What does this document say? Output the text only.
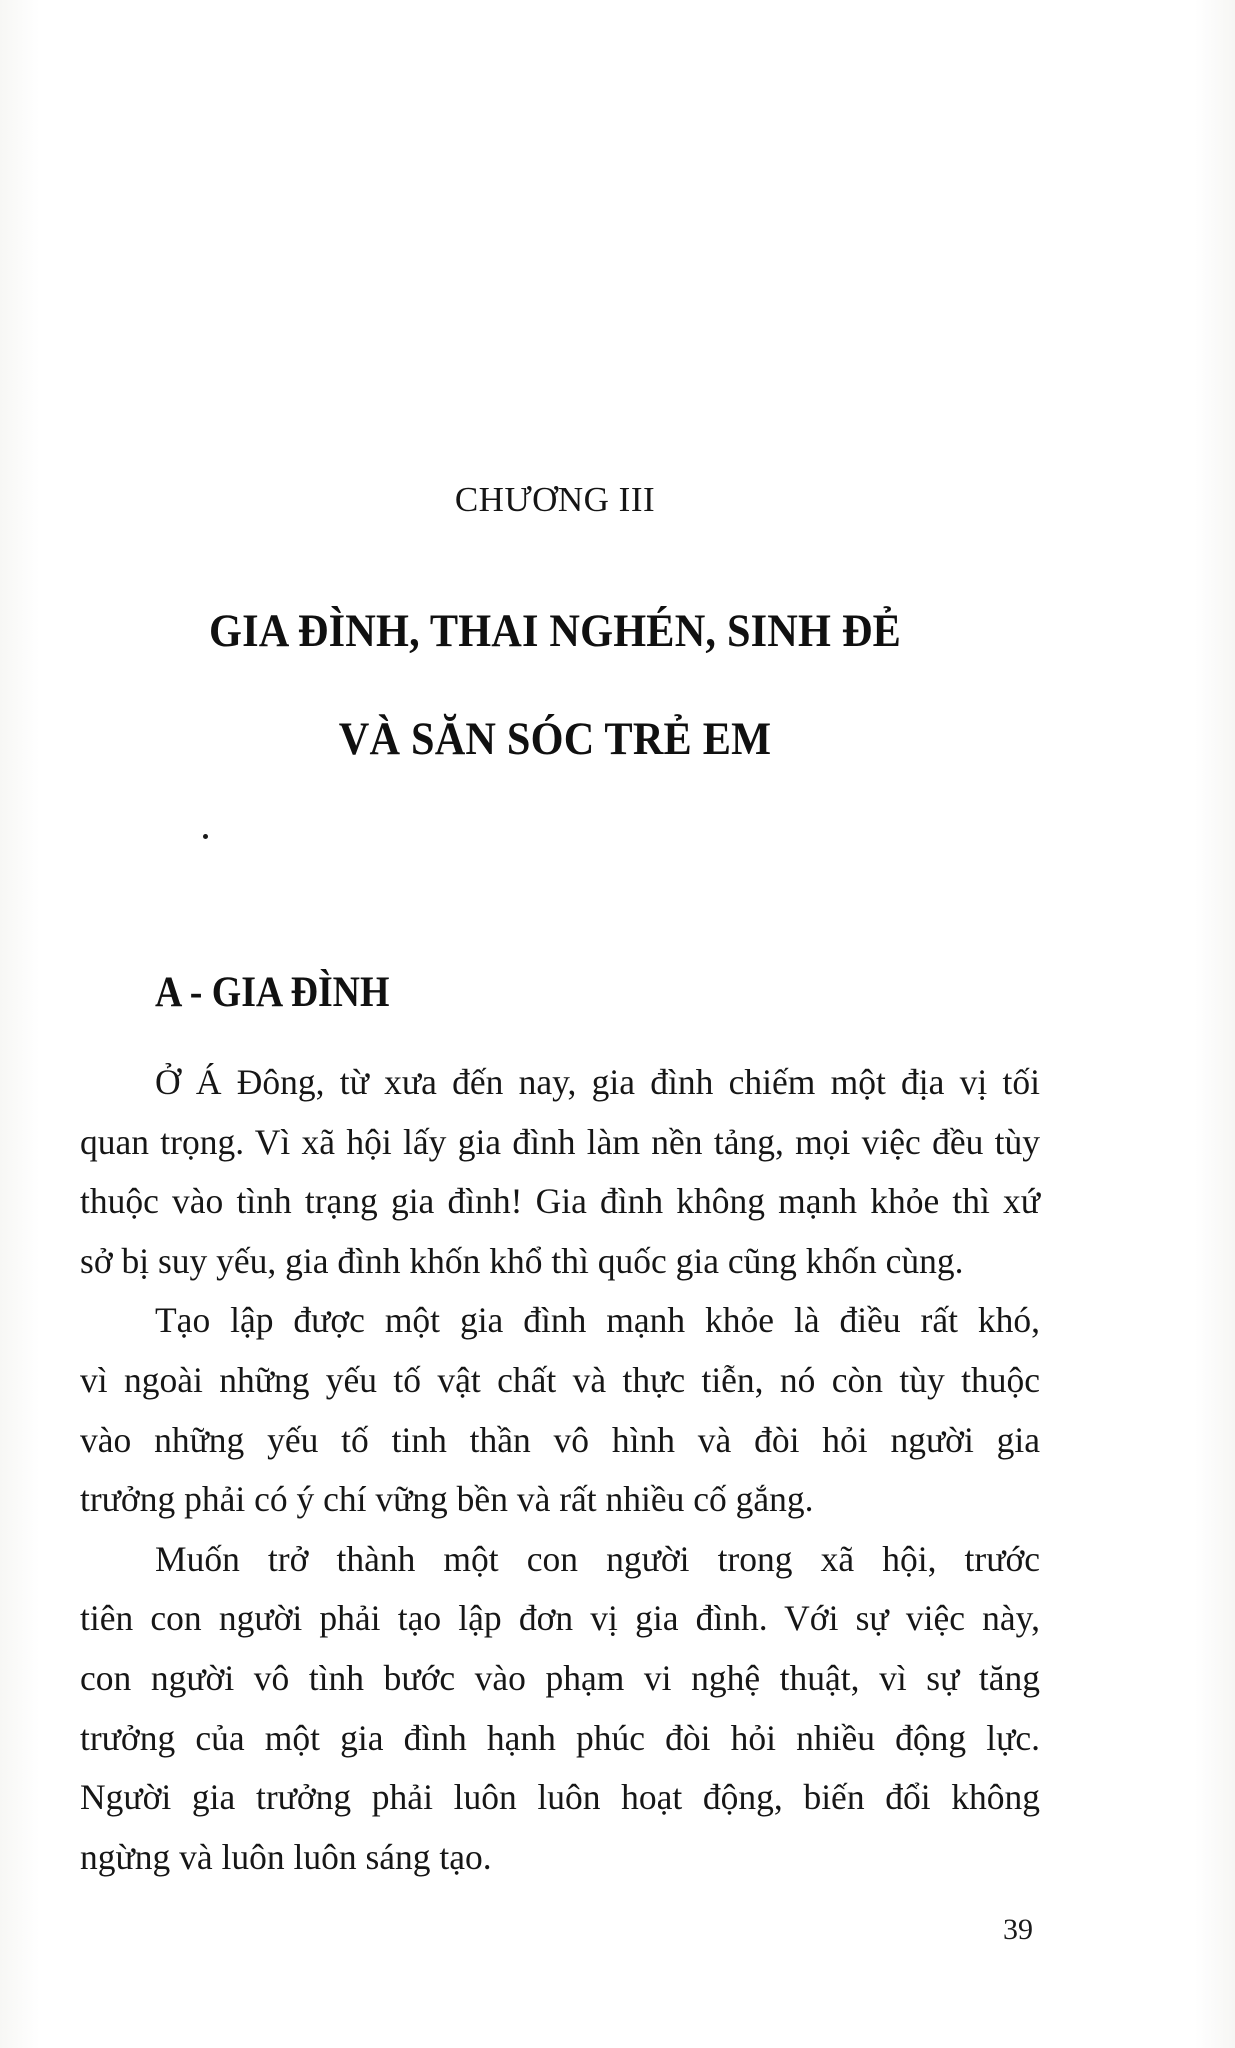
CHƯƠNG III
GIA ĐÌNH, THAI NGHÉN, SINH ĐẺ
VÀ SĂN SÓC TRẺ EM
A - GIA ĐÌNH
Ở Á Đông, từ xưa đến nay, gia đình chiếm một địa vị tối
quan trọng. Vì xã hội lấy gia đình làm nền tảng, mọi việc đều tùy
thuộc vào tình trạng gia đình! Gia đình không mạnh khỏe thì xứ
sở bị suy yếu, gia đình khốn khổ thì quốc gia cũng khốn cùng.
Tạo lập được một gia đình mạnh khỏe là điều rất khó,
vì ngoài những yếu tố vật chất và thực tiễn, nó còn tùy thuộc
vào những yếu tố tinh thần vô hình và đòi hỏi người gia
trưởng phải có ý chí vững bền và rất nhiều cố gắng.
Muốn trở thành một con người trong xã hội, trước
tiên con người phải tạo lập đơn vị gia đình. Với sự việc này,
con người vô tình bước vào phạm vi nghệ thuật, vì sự tăng
trưởng của một gia đình hạnh phúc đòi hỏi nhiều động lực.
Người gia trưởng phải luôn luôn hoạt động, biến đổi không
ngừng và luôn luôn sáng tạo.
39
